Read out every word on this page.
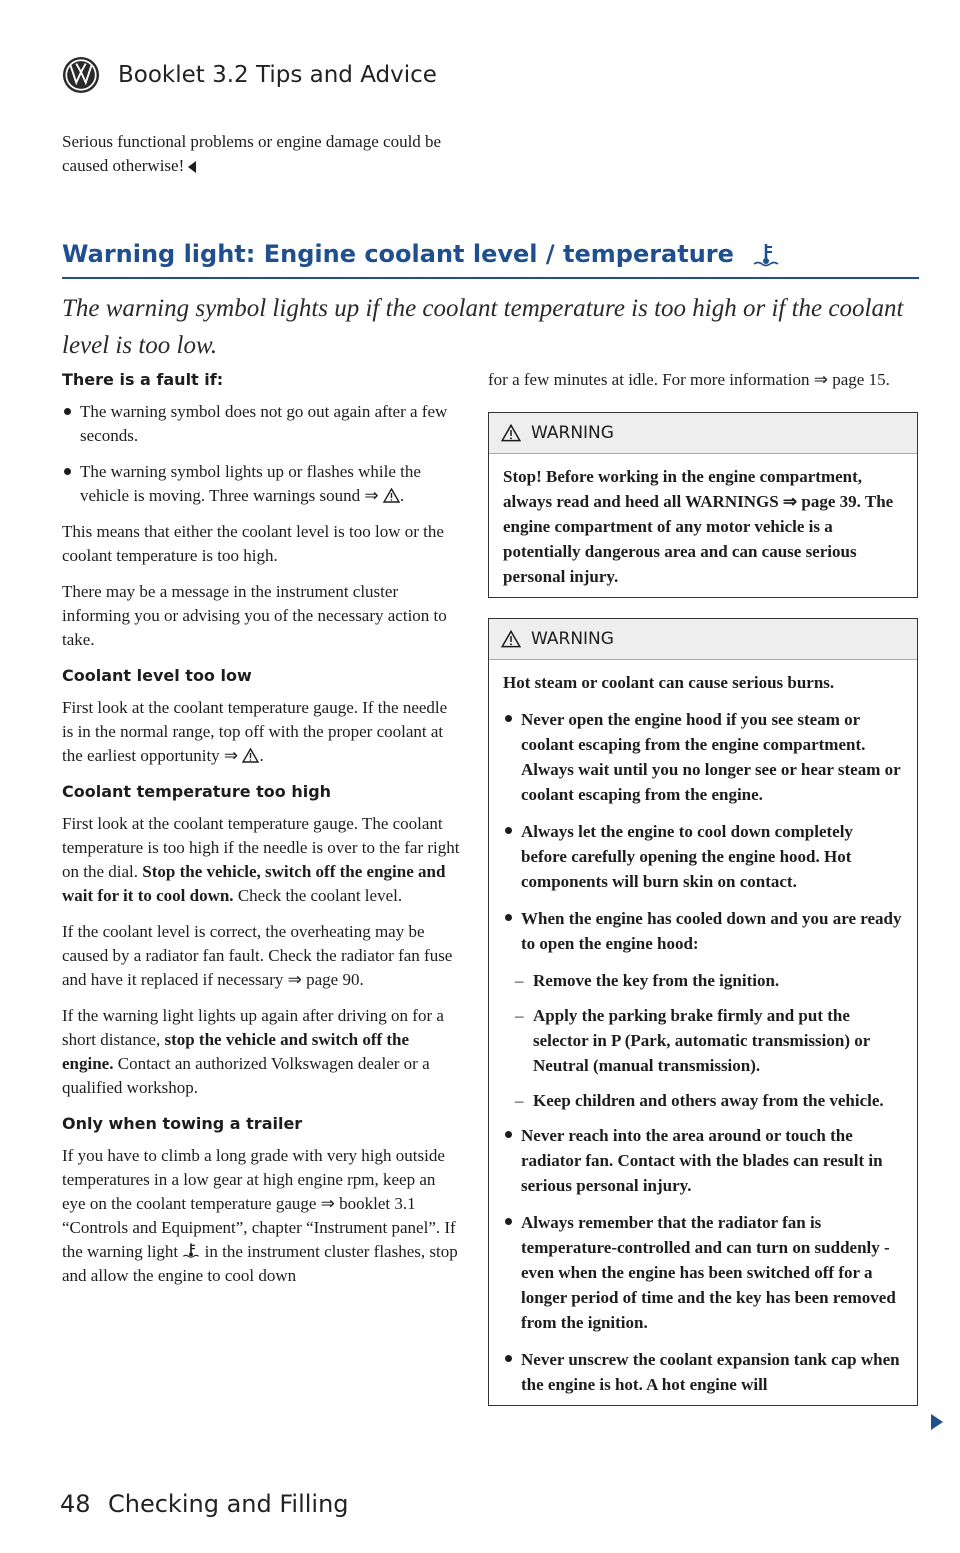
Booklet 3.2 Tips and Advice
Serious functional problems or engine damage could be caused otherwise!
Warning light: Engine coolant level / temperature
The warning symbol lights up if the coolant temperature is too high or if the coolant level is too low.
There is a fault if:
The warning symbol does not go out again after a few seconds.
The warning symbol lights up or flashes while the vehicle is moving. Three warnings sound ⇒ .
This means that either the coolant level is too low or the coolant temperature is too high.
There may be a message in the instrument cluster informing you or advising you of the necessary action to take.
Coolant level too low
First look at the coolant temperature gauge. If the needle is in the normal range, top off with the proper coolant at the earliest opportunity ⇒ .
Coolant temperature too high
First look at the coolant temperature gauge. The coolant temperature is too high if the needle is over to the far right on the dial. Stop the vehicle, switch off the engine and wait for it to cool down. Check the coolant level.
If the coolant level is correct, the overheating may be caused by a radiator fan fault. Check the radiator fan fuse and have it replaced if necessary ⇒ page 90.
If the warning light lights up again after driving on for a short distance, stop the vehicle and switch off the engine. Contact an authorized Volkswagen dealer or a qualified workshop.
Only when towing a trailer
If you have to climb a long grade with very high outside temperatures in a low gear at high engine rpm, keep an eye on the coolant temperature gauge ⇒ booklet 3.1 “Controls and Equipment”, chapter “Instrument panel”. If the warning light in the instrument cluster flashes, stop and allow the engine to cool down
for a few minutes at idle. For more information ⇒ page 15.
WARNING
Stop! Before working in the engine compartment, always read and heed all WARNINGS ⇒ page 39. The engine compartment of any motor vehicle is a potentially dangerous area and can cause serious personal injury.
WARNING
Hot steam or coolant can cause serious burns.
Never open the engine hood if you see steam or coolant escaping from the engine compartment. Always wait until you no longer see or hear steam or coolant escaping from the engine.
Always let the engine to cool down completely before carefully opening the engine hood. Hot components will burn skin on contact.
When the engine has cooled down and you are ready to open the engine hood:
– Remove the key from the ignition.
– Apply the parking brake firmly and put the selector in P (Park, automatic transmission) or Neutral (manual transmission).
– Keep children and others away from the vehicle.
Never reach into the area around or touch the radiator fan. Contact with the blades can result in serious personal injury.
Always remember that the radiator fan is temperature-controlled and can turn on suddenly - even when the engine has been switched off for a longer period of time and the key has been removed from the ignition.
Never unscrew the coolant expansion tank cap when the engine is hot. A hot engine will
48 Checking and Filling
